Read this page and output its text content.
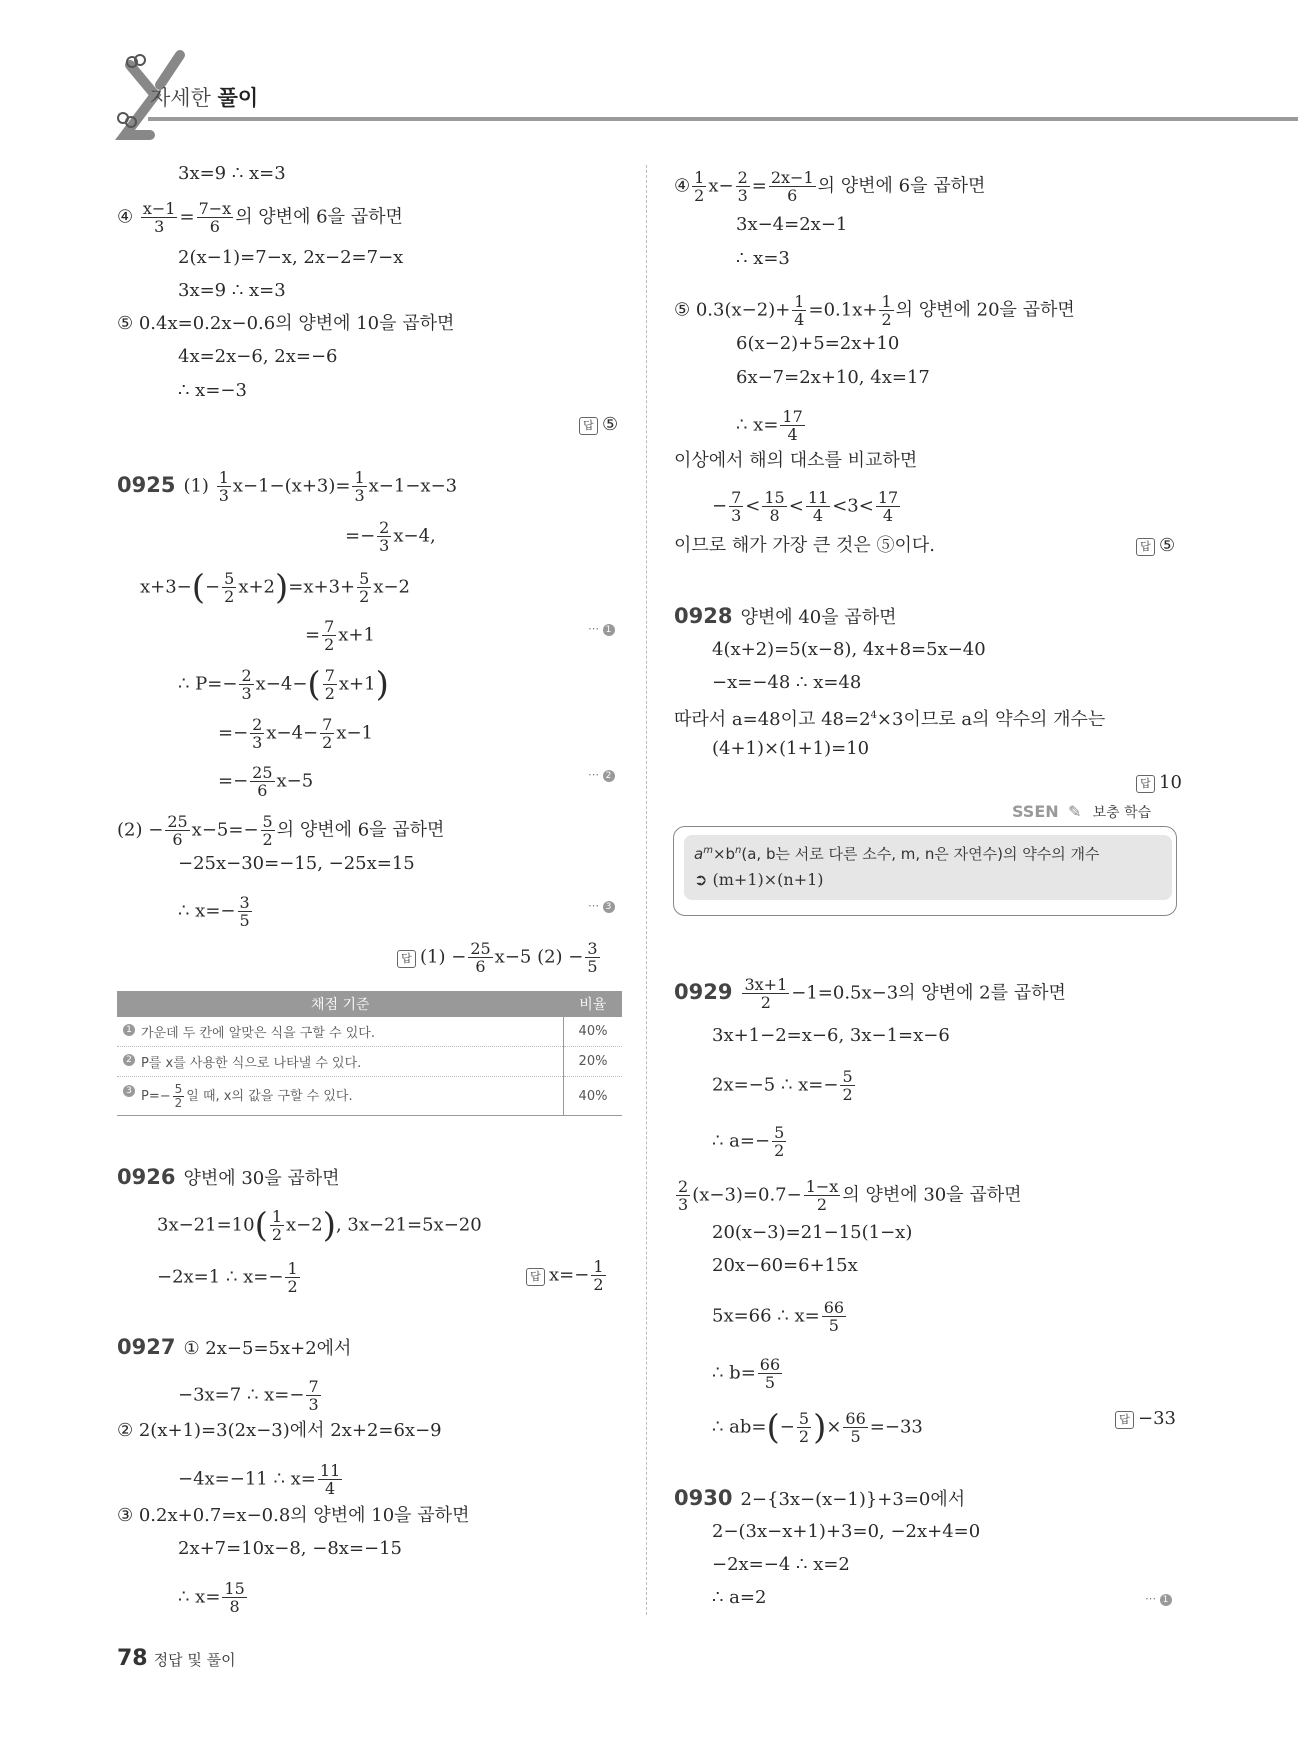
자세한 풀이
3x=9 ∴ x=3
④ $\frac{x-1}{3} = \frac{7-x}{6}$ 의 양변에 6을 곱하면
2(x−1)=7−x, 2x−2=7−x
3x=9 ∴ x=3
⑤ 0.4x=0.2x−0.6의 양변에 10을 곱하면
4x=2x−6, 2x=−6
∴ x=−3
답 ⑤
0925 $(1) \frac{1}{3} x-1-(x+3)= \frac{1}{3} x-1-x-3$
=− $\frac{2}{3} x-4$,
$x+3-(- \frac{5}{2} x+2)=x+3+ \frac{5}{2} x-2$
= $\frac{7}{2} x+1$	⋯ 1
∴ $P=- \frac{2}{3} x-4-( \frac{7}{2} x+1)$
=− $\frac{2}{3} x-4- \frac{7}{2} x-1$
=− $\frac{25}{6} x-5$	⋯ 2
$(2) - \frac{25}{6} x-5=- \frac{5}{2}$ 의 양변에 6을 곱하면
−25x−30=−15, −25x=15
∴ $x=- \frac{3}{5}$	⋯ 3
답 $(1) - \frac{25}{6} x-5$ $(2) - \frac{3}{5}$
채점 기준	비율

1 가운데 두 칸에 알맞은 식을 구할 수 있다.	40%

2 P를 x를 사용한 식으로 나타낼 수 있다.	20%

3 $P=- \frac{5}{2}$ 일 때, x의 값을 구할 수 있다.	40%
0926 양변에 30을 곱하면
$3x-21=10( \frac{1}{2} x-2)$, 3x−21=5x−20
−2x=1 ∴ $x=- \frac{1}{2}$	답 $x=- \frac{1}{2}$
0927 ① 2x−5=5x+2에서
−3x=7 ∴ $x=- \frac{7}{3}$
② 2(x+1)=3(2x−3)에서 2x+2=6x−9
−4x=−11 ∴ $x= \frac{11}{4}$
③ 0.2x+0.7=x−0.8의 양변에 10을 곱하면
2x+7=10x−8, −8x=−15
∴ $x= \frac{15}{8}$
④ $\frac{1}{2} x- \frac{2}{3} = \frac{2x-1}{6}$ 의 양변에 6을 곱하면
3x−4=2x−1
∴ x=3
⑤ $0.3(x-2)+ \frac{1}{4} =0.1x+ \frac{1}{2}$ 의 양변에 20을 곱하면
6(x−2)+5=2x+10
6x−7=2x+10, 4x=17
∴ $x= \frac{17}{4}$
이상에서 해의 대소를 비교하면
− $\frac{7}{3} < \frac{15}{8} < \frac{11}{4} <3< \frac{17}{4}$
이므로 해가 가장 큰 것은 ⑤이다.	답 ⑤
0928 양변에 40을 곱하면
4(x+2)=5(x−8), 4x+8=5x−40
−x=−48 ∴ x=48
따라서 a=48이고 $48=2^4\times 3$이므로 a의 약수의 개수는
(4+1)×(1+1)=10
답 10
SSEN ✎ 보충 학습
$a^m\times b^n(a$, b는 서로 다른 소수, m, n은 자연수)의 약수의 개수
➲ (m+1)×(n+1)
$0929 \frac{3x+1}{2} -1=0.5x-3$의 양변에 2를 곱하면
3x+1−2=x−6, 3x−1=x−6
2x=−5 ∴ $x=- \frac{5}{2}$
∴ $a=- \frac{5}{2}$
$\frac{2}{3} (x-3)=0.7- \frac{1-x}{2}$ 의 양변에 30을 곱하면
20(x−3)=21−15(1−x)
20x−60=6+15x
5x=66 ∴ $x= \frac{66}{5}$
∴ $b= \frac{66}{5}$
∴ $ab=(- \frac{5}{2}$ )× $\frac{66}{5} =-33$	답 −33
0930 2−{3x−(x−1)}+3=0에서
2−(3x−x+1)+3=0, −2x+4=0
−2x=−4 ∴ x=2
∴ a=2	⋯ 1
78 정답 및 풀이
